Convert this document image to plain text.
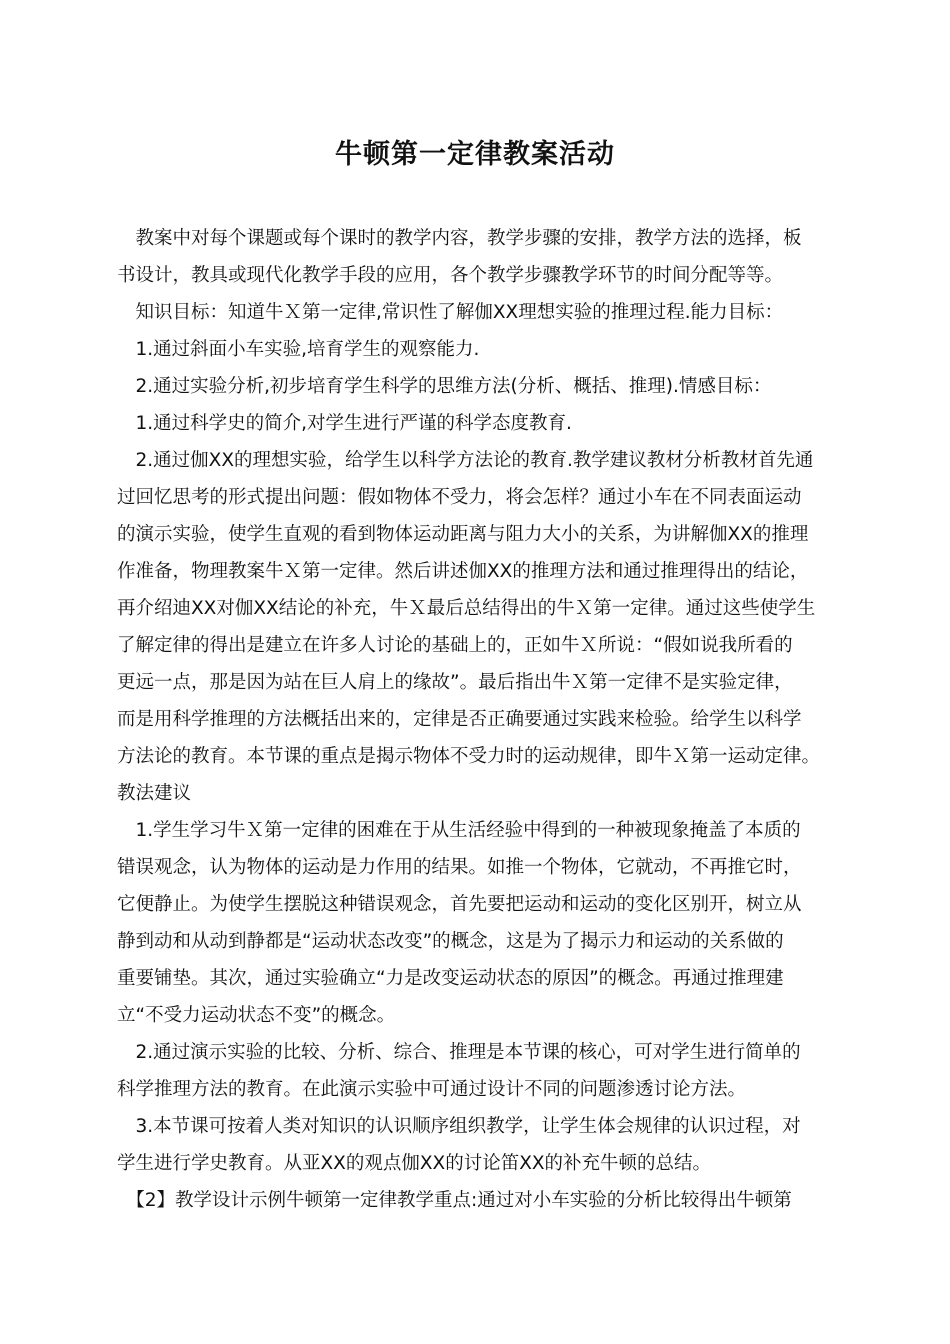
牛顿第一定律教案活动
　教案中对每个课题或每个课时的教学内容，教学步骤的安排，教学方法的选择，板
书设计，教具或现代化教学手段的应用，各个教学步骤教学环节的时间分配等等。
　知识目标：知道牛Ｘ第一定律,常识性了解伽XX理想实验的推理过程.能力目标：
　1.通过斜面小车实验,培育学生的观察能力.
　2.通过实验分析,初步培育学生科学的思维方法(分析、概括、推理).情感目标：
　1.通过科学史的简介,对学生进行严谨的科学态度教育.
　2.通过伽XX的理想实验，给学生以科学方法论的教育.教学建议教材分析教材首先通
过回忆思考的形式提出问题：假如物体不受力，将会怎样？通过小车在不同表面运动
的演示实验，使学生直观的看到物体运动距离与阻力大小的关系，为讲解伽XX的推理
作准备，物理教案牛Ｘ第一定律。然后讲述伽XX的推理方法和通过推理得出的结论，
再介绍迪XX对伽XX结论的补充，牛Ｘ最后总结得出的牛Ｘ第一定律。通过这些使学生
了解定律的得出是建立在许多人讨论的基础上的，正如牛Ｘ所说：“假如说我所看的
更远一点，那是因为站在巨人肩上的缘故”。最后指出牛Ｘ第一定律不是实验定律，
而是用科学推理的方法概括出来的，定律是否正确要通过实践来检验。给学生以科学
方法论的教育。本节课的重点是揭示物体不受力时的运动规律，即牛Ｘ第一运动定律。
教法建议
　1.学生学习牛Ｘ第一定律的困难在于从生活经验中得到的一种被现象掩盖了本质的
错误观念，认为物体的运动是力作用的结果。如推一个物体，它就动，不再推它时，
它便静止。为使学生摆脱这种错误观念，首先要把运动和运动的变化区别开，树立从
静到动和从动到静都是“运动状态改变”的概念，这是为了揭示力和运动的关系做的
重要铺垫。其次，通过实验确立“力是改变运动状态的原因”的概念。再通过推理建
立“不受力运动状态不变”的概念。
　2.通过演示实验的比较、分析、综合、推理是本节课的核心，可对学生进行简单的
科学推理方法的教育。在此演示实验中可通过设计不同的问题渗透讨论方法。
　3.本节课可按着人类对知识的认识顺序组织教学，让学生体会规律的认识过程，对
学生进行学史教育。从亚XX的观点伽XX的讨论笛XX的补充牛顿的总结。
　【2】教学设计示例牛顿第一定律教学重点:通过对小车实验的分析比较得出牛顿第
